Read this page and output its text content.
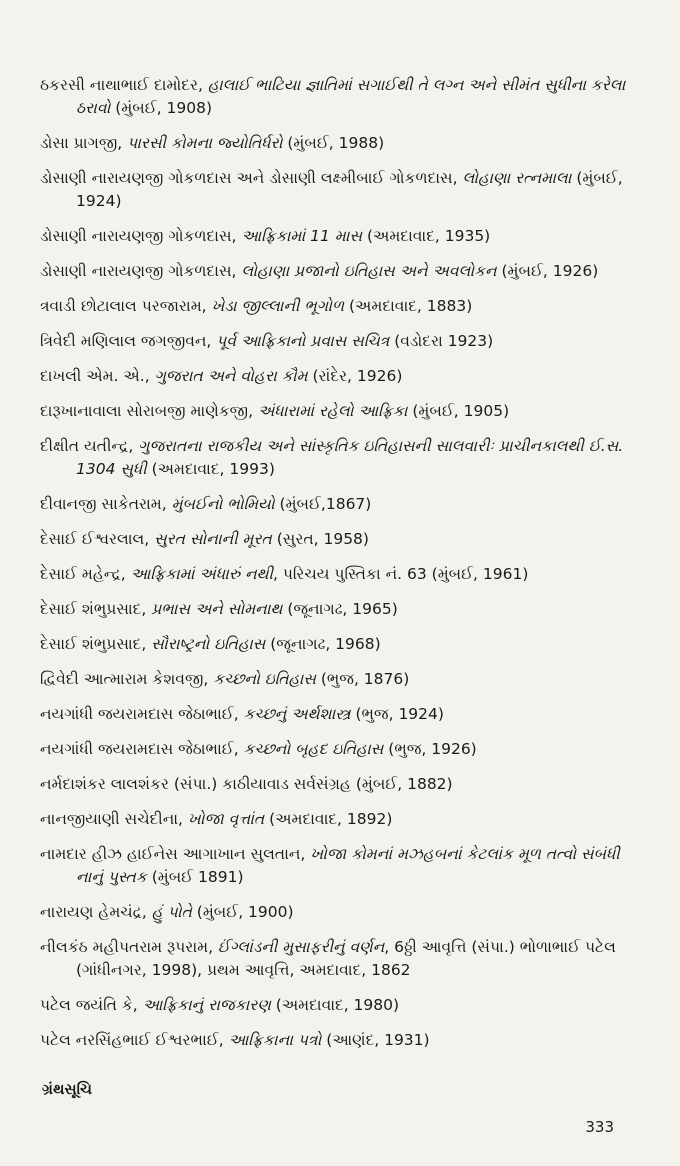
ઠકરસી નાથાભાઈ દામોદર, હાલાઈ ભાટિયા જ્ઞાતિમાં સગાઈથી તે લગ્ન અને સીમંત સુધીના કરેલા ઠરાવો (મુંબઈ, 1908)
ડોસા પ્રાગજી, પારસી કોમના જ્યોતિર્ધરો (મુંબઈ, 1988)
ડોસાણી નારાયણજી ગોકળદાસ અને ડોસાણી લક્ષ્મીબાઈ ગોકળદાસ, લોહાણા રત્નમાલા (મુંબઈ, 1924)
ડોસાણી નારાયણજી ગોકળદાસ, આફ્રિકામાં 11 માસ (અમદાવાદ, 1935)
ડોસાણી નારાયણજી ગોકળદાસ, લોહાણા પ્રજાનો ઇતિહાસ અને અવલોકન (મુંબઈ, 1926)
ત્રવાડી છોટાલાલ પરજારામ, ખેડા જીલ્લાની ભૂગોળ (અમદાવાદ, 1883)
ત્રિવેદી મણિલાલ જગજીવન, પૂર્વ આફ્રિકાનો પ્રવાસ સચિત્ર (વડોદરા 1923)
દાખલી એમ. એ., ગુજરાત અને વોહરા કૌમ (રાંદેર, 1926)
દારૂખાનાવાલા સોરાબજી માણેકજી, અંધારામાં રહેલો આફ્રિકા (મુંબઈ, 1905)
દીક્ષીત યતીન્દ્ર, ગુજરાતના રાજકીય અને સાંસ્કૃતિક ઇતિહાસની સાલવારીઃ પ્રાચીનકાલથી ઈ.સ. 1304 સુધી (અમદાવાદ, 1993)
દીવાનજી સાકેતરામ, મુંબઈનો ભોમિયો (મુંબઈ,1867)
દેસાઈ ઈશ્વરલાલ, સુરત સોનાની મૂરત (સુરત, 1958)
દેસાઈ મહેન્દ્ર, આફ્રિકામાં અંધારું નથી, પરિચય પુસ્તિકા નં. 63 (મુંબઈ, 1961)
દેસાઈ શંભુપ્રસાદ, પ્રભાસ અને સોમનાથ (જૂનાગઢ, 1965)
દેસાઈ શંભુપ્રસાદ, સૌરાષ્ટ્રનો ઇતિહાસ (જૂનાગઢ, 1968)
દ્વિવેદી આત્મારામ કેશવજી, કચ્છનો ઇતિહાસ (ભુજ, 1876)
નયગાંધી જયરામદાસ જેઠાભાઈ, કચ્છનું અર્થશાસ્ત્ર (ભુજ, 1924)
નયગાંધી જયરામદાસ જેઠાભાઈ, કચ્છનો બૃહદ ઇતિહાસ (ભુજ, 1926)
નર્મદાશંકર લાલશંકર (સંપા.) કાઠીયાવાડ સર્વસંગ્રહ (મુંબઈ, 1882)
નાનજીયાણી સચેદીના, ખોજા વૃત્તાંત (અમદાવાદ, 1892)
નામદાર હીઝ હાઈનેસ આગાખાન સુલતાન, ખોજા કોમનાં મઝહબનાં કેટલાંક મૂળ તત્વો સંબંધી નાનું પુસ્તક (મુંબઈ 1891)
નારાયણ હેમચંદ્ર, હું પોતે (મુંબઈ, 1900)
નીલકંઠ મહીપતરામ રૂપરામ, ઈંગ્લાંડની મુસાફરીનું વર્ણન, 6ઠ્ઠી આવૃત્તિ (સંપા.) ભોળાભાઈ પટેલ (ગાંધીનગર, 1998), પ્રથમ આવૃત્તિ, અમદાવાદ, 1862
પટેલ જયંતિ કે, આફ્રિકાનું રાજકારણ (અમદાવાદ, 1980)
પટેલ નરસિંહભાઈ ઈશ્વરભાઈ, આફ્રિકાના પત્રો (આણંદ, 1931)
ગ્રંથસૂચિ
333
